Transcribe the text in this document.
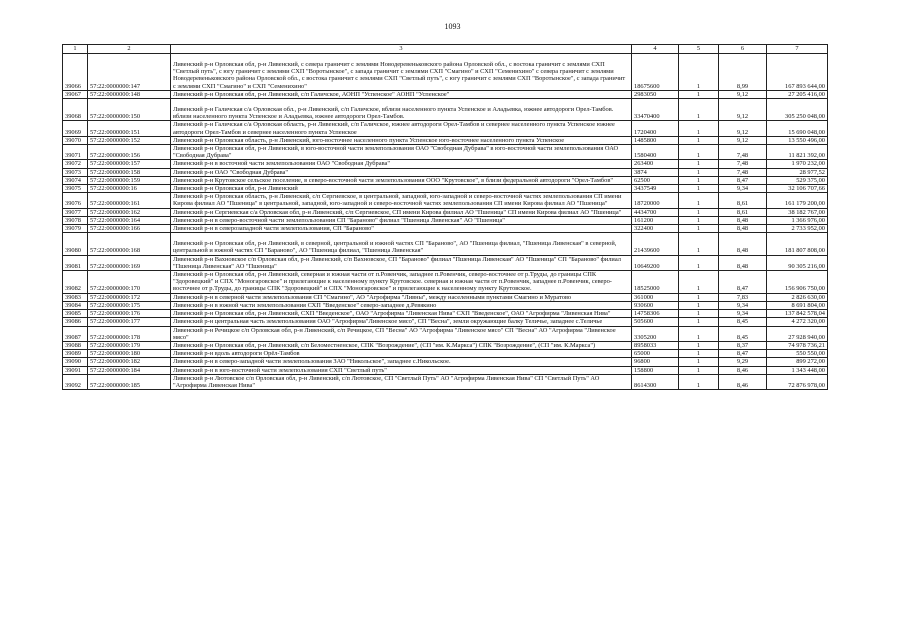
1093
1	2	3	4	5	6	7
39066	57:22:0000000:147	Ливенский р-н Орловская обл, р-н Ливенский, с севера граничит с землями Новодеревеньковского района Орловской обл., с востока граничит с землями СХП "Светлый путь", с югу граничит с землями СХП "Воротынское", с запада граничит с землями СХП "Смагино" и СХП "Семенихино" с севера граничит с землями Новодеревеньковского района Орловской обл., с востока граничит с землями СХП "Светлый путь", с югу граничит с землями СХП "Воротынское", с запада граничит с землями СХП "Смагино" и СХП "Семенихино"	18675600	1	8,99	167 893 644,00
39067	57:22:0000000:148	Ливенский р-н Орловская обл, р-н Ливенский, с/п Галичское, АОНП "Успенское" АОНП "Успенское"	2983050	1	9,12	27 205 416,00
39068	57:22:0000000:150	Ливенский р-н Галичская с/а Орловская обл., р-н Ливенский, с/п Галичское, вблизи населенного пункта Успенское и Аладьевка, южнее автодороги Орел-Тамбов. вблизи населенного пункта Успенское и Аладьевка, южнее автодороги Орел-Тамбов.	33470400	1	9,12	305 250 048,00
39069	57:22:0000000:151	Ливенский р-н Галичская с/а Орловская область, р-н Ливенский, с/п Галичское, южнее автодороги Орел-Тамбов и севернее населенного пункта Успенское южнее автодороги Орел-Тамбов и севернее населенного пункта Успенское	1720400	1	9,12	15 690 048,00
39070	57:22:0000000:152	Ливенский р-н Орловская область, р-н Ливенский, юго-восточнее населенного пункта Успенское юго-восточнее населенного пункта Успенское	1485800	1	9,12	13 550 496,00
39071	57:22:0000000:156	Ливенский р-н Орловская обл, р-н Ливенский, в юго-восточной части землепользования ОАО "Свободная Дубрава" в юго-восточной части землепользования ОАО "Свободная Дубрава"	1580400	1	7,48	11 821 392,00
39072	57:22:0000000:157	Ливенский р-н в восточной части землепользования ОАО "Свободная Дубрава"	263400	1	7,48	1 970 232,00
39073	57:22:0000000:158	Ливенский р-н ОАО "Свободная Дубрава"	3874	1	7,48	28 977,52
39074	57:22:0000000:159	Ливенский р-н Крутовское сельское поселение, в северо-восточной части землепользования ООО "Крутовское", в близи федеральной автодороги "Орел-Тамбов"	62500	1	8,47	529 375,00
39075	57:22:0000000:16	Ливенский р-н Орловская обл, р-н Ливенский	3437549	1	9,34	32 106 707,66
39076	57:22:0000000:161	Ливенский р-н Орловская область, р-н Ливенский, с/п Сергиевское, в центральной, западной, юго-западной и северо-восточной частях землепользования СП имени Кирова филиал АО "Пшеница" в центральной, западной, юго-западной и северо-восточной частях землепользования СП имени Кирова филиал АО "Пшеница"	18720000	1	8,61	161 179 200,00
39077	57:22:0000000:162	Ливенский р-н Сергиевская с/а Орловская обл, р-н Ливенский, с/п Сергиевское, СП имени Кирова филиал АО "Пшеница" СП имени Кирова филиал АО "Пшеница"	4434700	1	8,61	38 182 767,00
39078	57:22:0000000:164	Ливенский р-н в северо-восточной части землепользования СП "Бараново" филиал "Пшеница Ливенская" АО "Пшеница"	161200	1	8,48	1 366 976,00
39079	57:22:0000000:166	Ливенский р-н в северозападной части землепользования, СП "Бараново"	322400	1	8,48	2 733 952,00
39080	57:22:0000000:168	Ливенский р-н Орловская обл, р-н Ливенский, в северной, центральной и южной частях СП "Бараново", АО "Пшеница филиал, "Пшеница Ливенская" в северной, центральной и южной частях СП "Бараново", АО "Пшеница филиал, "Пшеница Ливенская"	21439600	1	8,48	181 807 808,00
39081	57:22:0000000:169	Ливенский р-н Вахновское с/п Орловская обл, р-н Ливенский, с/п Вахновское, СП "Бараново" филиал "Пшеница Ливенская" АО "Пшеница" СП "Бараново" филиал "Пшеница Ливенская" АО "Пшеница"	10649200	1	8,48	90 305 216,00
39082	57:22:0000000:170	Ливенский р-н Орловская обл, р-н Ливенский, северная и южная части от п.Ровенчик, западнее п.Ровенчик, северо-восточнее от р.Труды, до границы СПК "Здоровецкий" и СПХ "Моногаровское" и прилегающие к населенному пункту Крутовское. северная и южная части от п.Ровенчик, западнее п.Ровенчик, северо-восточнее от р.Труды, до границы СПК "Здоровецкий" и СПХ "Моногаровское" и прилегающие к населенному пункту Крутовское.	18525000	1	8,47	156 906 750,00
39083	57:22:0000000:172	Ливенский р-н в северной части землепользования СП "Смагино", АО "Агрофирма "Ливны", между населенными пунктами Смагино и Муратово	361000	1	7,83	2 826 630,00
39084	57:22:0000000:175	Ливенский р-н в южной части землепользования СХП "Введенское" северо-западнее д.Ревякино	930600	1	9,34	8 691 804,00
39085	57:22:0000000:176	Ливенский р-н Орловская обл, р-н Ливенский, СХП "Введенское", ОАО "Агрофирма "Ливенская Нива" СХП "Введенское", ОАО "Агрофирма "Ливенская Нива"	14758306	1	9,34	137 842 578,04
39086	57:22:0000000:177	Ливенский р-н центральная часть землепользования ОАО "Агрофирма"Ливенское мясо", СП "Весна", земли окружающие балку Теличье, западнее с.Теличье	505600	1	8,45	4 272 320,00
39087	57:22:0000000:178	Ливенский р-н Речицкое с/п Орловская обл, р-н Ливенский, с/п Речицкое, СП "Весна" АО "Агрофирма "Ливенское мясо" СП "Весна" АО "Агрофирма "Ливенское мясо"	3305200	1	8,45	27 928 940,00
39088	57:22:0000000:179	Ливенский р-н Орловская обл, р-н Ливенский, с/п Беломестненское, СПК "Возрождение", (СП "им. К.Маркса") СПК "Возрождение", (СП "им. К.Маркса")	8958033	1	8,37	74 978 736,21
39089	57:22:0000000:180	Ливенский р-н вдоль автодороги Орёл-Тамбов	65000	1	8,47	550 550,00
39090	57:22:0000000:182	Ливенский р-н в северо-западной части землепользования ЗАО "Никольское", западнее с.Никольское.	96800	1	9,29	899 272,00
39091	57:22:0000000:184	Ливенский р-н в юго-восточной части землепользования СХП "Светлый путь"	158800	1	8,46	1 343 448,00
39092	57:22:0000000:185	Ливенский р-н Лютовское с/п Орловская обл, р-н Ливенский, с/п Лютовское, СП "Светлый Путь" АО "Агрофирма Ливенская Нива" СП "Светлый Путь" АО "Агрофирма Ливенская Нива"	8614300	1	8,46	72 876 978,00
